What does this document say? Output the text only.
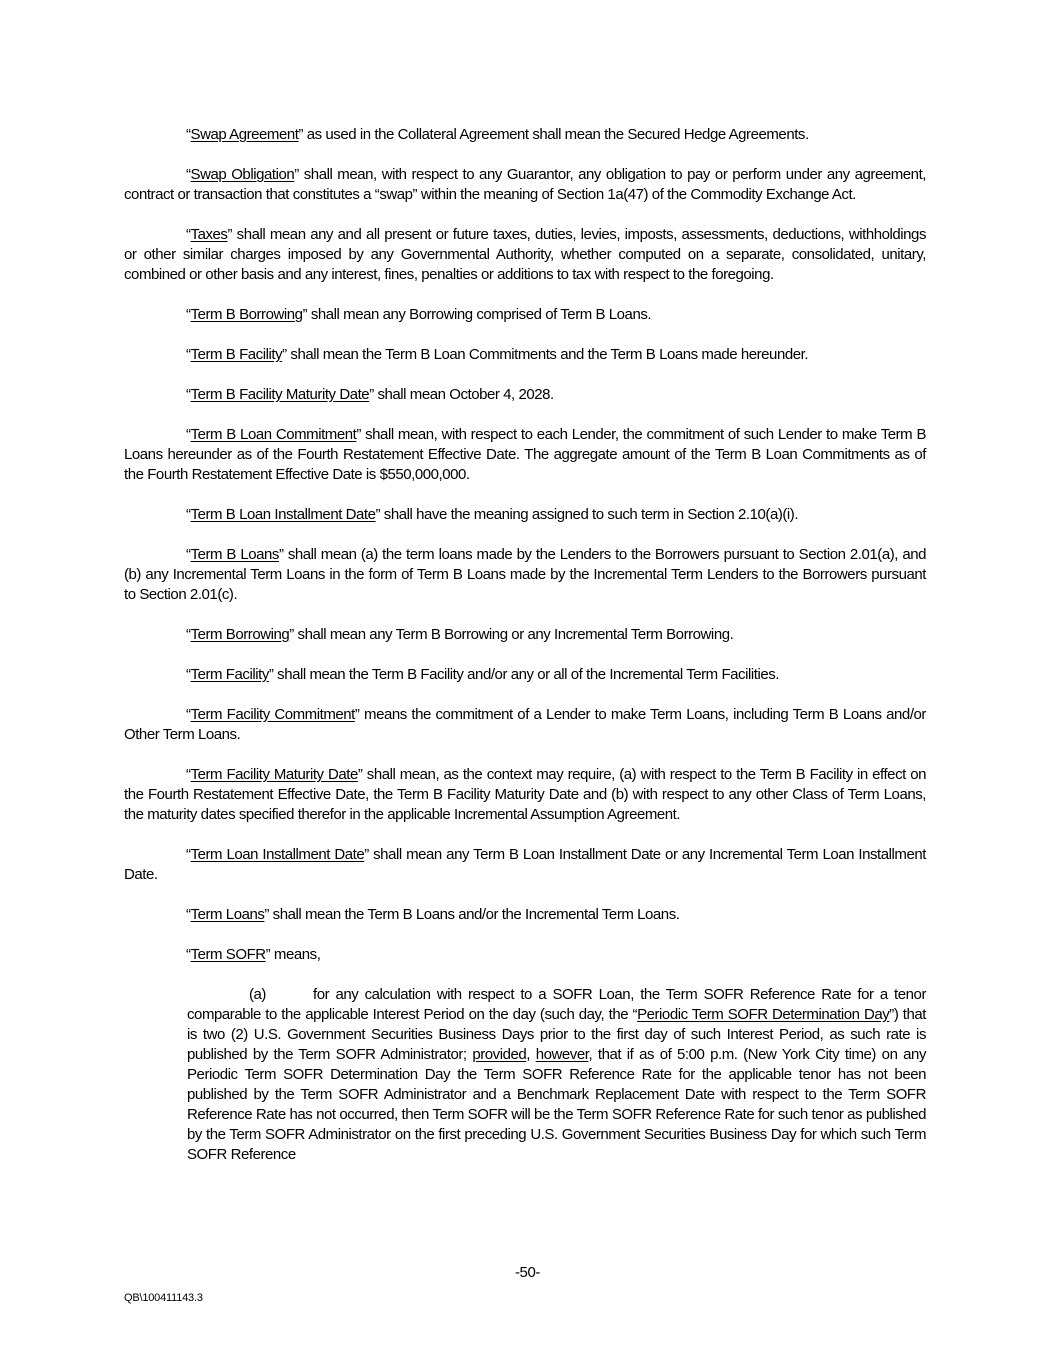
“Swap Agreement” as used in the Collateral Agreement shall mean the Secured Hedge Agreements.

“Swap Obligation” shall mean, with respect to any Guarantor, any obligation to pay or perform under any agreement, contract or transaction that constitutes a “swap” within the meaning of Section 1a(47) of the Commodity Exchange Act.

“Taxes” shall mean any and all present or future taxes, duties, levies, imposts, assessments, deductions, withholdings or other similar charges imposed by any Governmental Authority, whether computed on a separate, consolidated, unitary, combined or other basis and any interest, fines, penalties or additions to tax with respect to the foregoing.

“Term B Borrowing” shall mean any Borrowing comprised of Term B Loans.

“Term B Facility” shall mean the Term B Loan Commitments and the Term B Loans made hereunder.

“Term B Facility Maturity Date” shall mean October 4, 2028.

“Term B Loan Commitment” shall mean, with respect to each Lender, the commitment of such Lender to make Term B Loans hereunder as of the Fourth Restatement Effective Date. The aggregate amount of the Term B Loan Commitments as of the Fourth Restatement Effective Date is $550,000,000.

“Term B Loan Installment Date” shall have the meaning assigned to such term in Section 2.10(a)(i).

“Term B Loans” shall mean (a) the term loans made by the Lenders to the Borrowers pursuant to Section 2.01(a), and (b) any Incremental Term Loans in the form of Term B Loans made by the Incremental Term Lenders to the Borrowers pursuant to Section 2.01(c).

“Term Borrowing” shall mean any Term B Borrowing or any Incremental Term Borrowing.

“Term Facility” shall mean the Term B Facility and/or any or all of the Incremental Term Facilities.

“Term Facility Commitment” means the commitment of a Lender to make Term Loans, including Term B Loans and/or Other Term Loans.

“Term Facility Maturity Date” shall mean, as the context may require, (a) with respect to the Term B Facility in effect on the Fourth Restatement Effective Date, the Term B Facility Maturity Date and (b) with respect to any other Class of Term Loans, the maturity dates specified therefor in the applicable Incremental Assumption Agreement.

“Term Loan Installment Date” shall mean any Term B Loan Installment Date or any Incremental Term Loan Installment Date.

“Term Loans” shall mean the Term B Loans and/or the Incremental Term Loans.

“Term SOFR” means,

(a)	for any calculation with respect to a SOFR Loan, the Term SOFR Reference Rate for a tenor comparable to the applicable Interest Period on the day (such day, the “Periodic Term SOFR Determination Day”) that is two (2) U.S. Government Securities Business Days prior to the first day of such Interest Period, as such rate is published by the Term SOFR Administrator; provided, however, that if as of 5:00 p.m. (New York City time) on any Periodic Term SOFR Determination Day the Term SOFR Reference Rate for the applicable tenor has not been published by the Term SOFR Administrator and a Benchmark Replacement Date with respect to the Term SOFR Reference Rate has not occurred, then Term SOFR will be the Term SOFR Reference Rate for such tenor as published by the Term SOFR Administrator on the first preceding U.S. Government Securities Business Day for which such Term SOFR Reference

-50-
QB\100411143.3
